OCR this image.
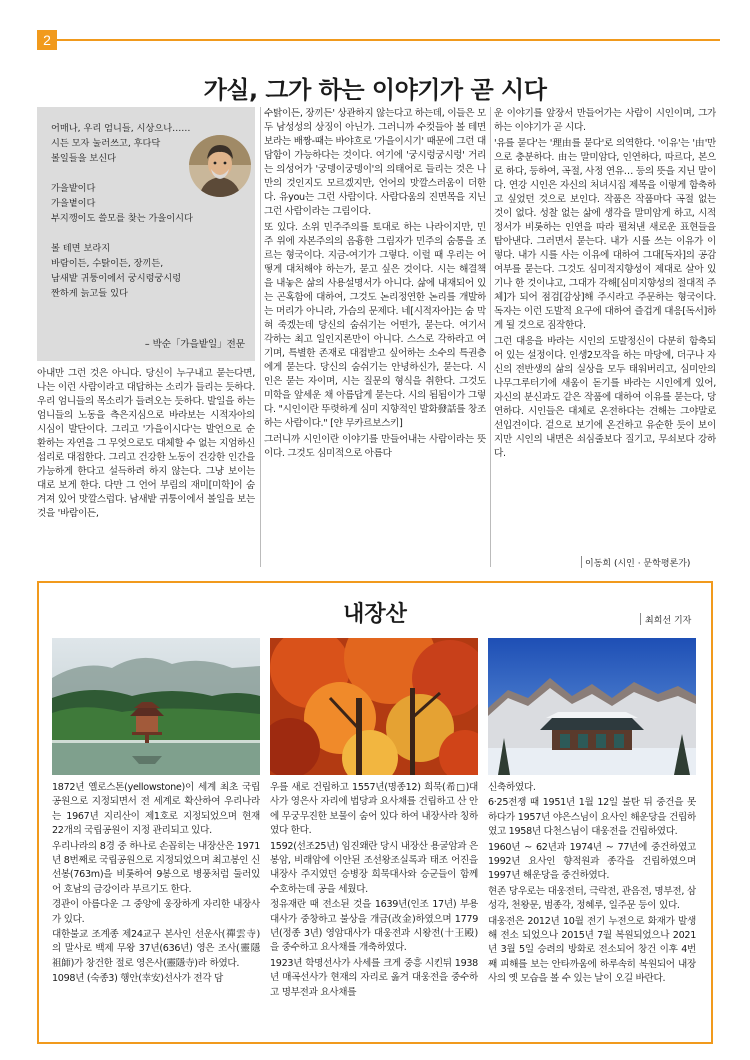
2
가실, 그가 하는 이야기가 곧 시다
어매나, 우리 엄니들, 시상으나……
시든 모자 눌러쓰고, 후다닥
볼일들을 보신다
가을밭이다
가을볕이다
부지깽이도 쓸모를 찾는 가을이시다
볼 테면 보라지
바람이든, 수탉이든, 장끼든,
남새밭 귀퉁이에서 궁시렁궁시렁
짠하게 늙고들 있다
– 박순「가을밭일」전문

아내만 그런 것은 아니다. 당신이 누구내고 묻는다면, 나는 이런 사람이라고 대답하는 소리가 들리는 듯하다. 우리 엄니들의 목소리가 들려오는 듯하다. 발일을 하는 엄니들의 노동을 측은지심으로 바라보는 시적자아의 시심이 발단이다. 그리고 '가을이시다'는 발언으로 순환하는 자연을 그 무엇으로도 대체할 수 없는 지엄하신 섭리로 대접한다. 그리고 건강한 노동이 건강한 인간을 가능하게 한다고 설득하려 하지 않는다. 그냥 보이는 대로 보게 한다. 다만 그 언어 부림의 재미[미학]이 숨겨져 있어 맛깔스럽다. 남새밭 귀퉁이에서 볼일을 보는 것을 '바람이든,

수탉이든, 장끼든' 상관하지 않는다고 하는데, 이들은 모두 남성성의 상징이 아닌가. 그러니까 수컷들아 볼 테면 보라는 배짱-때는 바야흐로 '가을이시기' 때문에 그런 대담함이 가능하다는 것이다. 여기에 '궁시렁궁시렁' 거리는 의성어가 '궁뎅이궁뎅이'의 의태어로 들리는 것은 나만의 것인지도 모르겠지만, 언어의 맛깔스러움이 더한다. 유you는 그런 사람이다. 사람다움의 진면목을 지닌 그런 사람이라는 그림이다.

또 있다. 소위 민주주의를 토대로 하는 나라이지만, 민주 위에 자본주의의 음흉한 그림자가 민주의 숨통을 조르는 형국이다. 지금-여기가 그렇다. 이럴 때 우리는 어떻게 대처해야 하는가, 묻고 싶은 것이다. 시는 해결책을 내놓은 삶의 사용설명서가 아니다. 삶에 내재되어 있는 곤혹함에 대하여, 그것도 논리정연한 논리를 개발하는 머리가 아니라, 가슴의 문제다. 네[시적자아]는 숨 막혀 죽겠는데 당신의 숨쉬기는 어떤가, 묻는다. 여기서 각하는 최고 일인지론만이 아니다. 스스로 각하라고 여기며, 특별한 존재로 대접받고 싶어하는 소수의 특권층에게 묻는다. 당신의 숨쉬기는 안녕하신가, 묻는다. 시인은 묻는 자이며, 시는 질문의 형식을 취한다. 그것도 미학을 앞세운 채 아름답게 묻는다. 시의 됨됨이가 그렇다. "시인이란 뚜렷하게 심미 지향적인 발화發話를 창조하는 사람이다." [얀 무카르보스키]

그러니까 시인이란 이야기를 만들어내는 사람이라는 뜻이다. 그것도 심미적으로 아름다

운 이야기를 앞장서 만들어가는 사람이 시인이며, 그가 하는 이야기가 곧 시다.

'유를 묻다'는 '理由를 묻다'로 의역한다. '이유'는 '由'만으로 충분하다. 由는 말미암다, 인연하다, 따르다, 본으로 하다, 등하여, 곡절, 사정 연유… 등의 뜻을 지닌 말이다. 연강 시인은 자신의 처녀시집 제목을 이렇게 함축하고 싶었던 것으로 보인다. 작품은 작품마다 곡절 없는 것이 없다. 성찰 없는 삶에 생각을 말미암게 하고, 시적정서가 비롯하는 인연을 따라 펼쳐낸 새로운 표현들을 탐아낸다. 그러면서 묻는다. 내가 시를 쓰는 이유가 이렇다. 내가 시를 사는 이유에 대하여 그대[독자]의 공감 여부를 묻는다. 그것도 심미적지향성이 제대로 살아 있기나 한 것이냐고, 그대가 각해[심미지향성의 절대적 주체]가 되어 점검[감상]해 주시라고 주문하는 형국이다. 독자는 이런 도발적 요구에 대하여 즐겁게 대응[독서]하게 될 것으로 짐작한다.

그런 대응을 바라는 시인의 도발정신이 다분히 함축되어 있는 설정이다. 인생2모작을 하는 마당에, 더구나 자신의 전반생의 삶의 실상을 모두 태워버리고, 심미안의 나무그루터기에 새움이 돋기를 바라는 시인에게 있어, 자신의 분신과도 같은 작품에 대하여 이유를 묻는다, 당연하다. 시인들은 대체로 온전하다는 견해는 그야말로 선입견이다. 겉으로 보기에 온건하고 유순한 듯이 보이지만 시인의 내면은 쇠심줄보다 질기고, 무쇠보다 강하다.

이동희 (시인 · 문학평론가)
내장산	최희선 기자

1872년 옐로스톤(yellowstone)이 세계 최초 국립공원으로 지정되면서 전 세계로 확산하여 우리나라는 1967년 지리산이 제1호로 지정되었으며 현재 22개의 국립공원이 지정 관리되고 있다.

우리나라의 8경 중 하나로 손꼽히는 내장산은 1971년 8번째로 국립공원으로 지정되었으며 최고봉인 신선봉(763m)을 비롯하여 9봉으로 병풍처럼 둘러있어 호남의 금강이라 부르기도 한다.

경관이 아름다운 그 중앙에 웅장하게 자리한 내장사가 있다.

대한불교 조계종 제24교구 본사인 선운사(禪雲寺)의 말사로 백제 무왕 37년(636년) 영은 조사(靈隱祖師)가 창건한 절로 영은사(靈隱寺)라 하였다.

1098년 (숙종3) 행안(幸安)선사가 전각 담

우를 새로 건립하고 1557년(명종12) 희묵(希□)대사가 영은사 자리에 법당과 요사채를 건립하고 산 안에 무궁무진한 보물이 숨어 있다 하여 내장사라 칭하였다 한다.

1592(선조25년) 임진왜란 당시 내장산 용굴암과 은봉암, 비래암에 이안된 조선왕조실록과 태조 어진을 내장사 주지였던 승병장 희묵대사와 승군들이 함께 수호하는데 공을 세웠다.

정유재란 때 전소된 것을 1639년(인조 17년) 부용대사가 중창하고 불상을 개금(改金)하였으며 1779년(정종 3년) 영암대사가 대웅전과 시왕전(十王殿)을 중수하고 요사채를 개축하였다.

1923년 학명선사가 사세를 크게 중흥 시킨뒤 1938년 매곡선사가 현재의 자리로 옮겨 대웅전을 중수하고 명부전과 요사채를

신축하였다.

6·25전쟁 때 1951년 1월 12일 불탄 뒤 중건을 못하다가 1957년 야은스님이 요사인 해운당을 건립하였고 1958년 다천스님이 대웅전을 건립하였다.

1960년 ~ 62년과 1974년 ~ 77년에 중건하였고 1992년 요사인 향적원과 종각을 건립하였으며 1997년 해운당을 중건하였다.

현존 당우로는 대웅전터, 극락전, 관음전, 명부전, 삼성각, 천왕문, 범종각, 정혜루, 일주문 등이 있다.

대웅전은 2012년 10월 전기 누전으로 화재가 발생해 전소 되었으나 2015년 7월 복원되었으나 2021년 3월 5일 승려의 방화로 전소되어 창건 이후 4번째 피해를 보는 안타까움에 하루속히 복원되어 내장사의 옛 모습을 볼 수 있는 날이 오길 바란다.
